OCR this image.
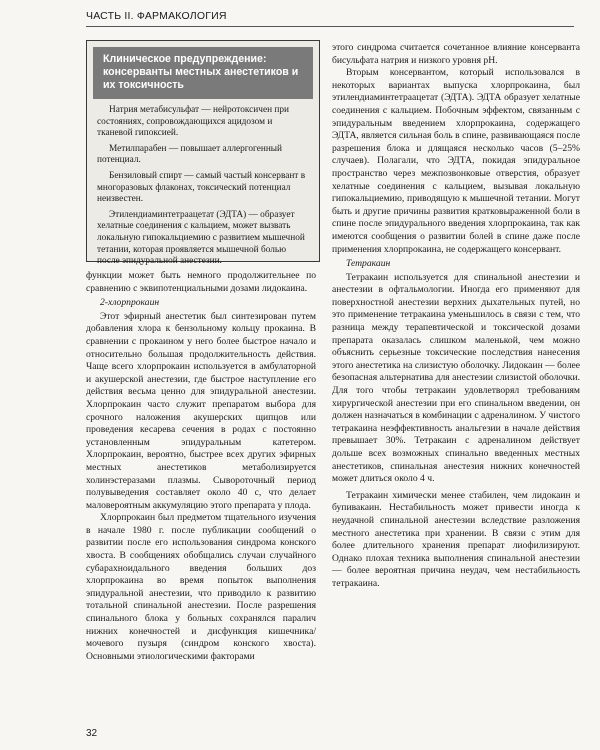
ЧАСТЬ II. ФАРМАКОЛОГИЯ
Клиническое предупреждение: консерванты местных анестетиков и их токсичность

Натрия метабисульфат — нейротоксичен при состояниях, сопровождающихся ацидозом и тканевой гипоксией.

Метилпарабен — повышает аллергогенный потенциал.

Бензиловый спирт — самый частый консервант в многоразовых флаконах, токсический потенциал неизвестен.

Этилендиаминтетраацетат (ЭДТА) — образует хелатные соединения с кальцием, может вызвать локальную гипокальциемию с развитием мышечной тетании, которая проявляется мышечной болью после эпидуральной анестезии.

функции может быть немного продолжительнее по сравнению с эквипотенциальными дозами лидокаина.

2-хлорпрокаин

Этот эфирный анестетик был синтезирован путем добавления хлора к бензольному кольцу прокаина. В сравнении с прокаином у него более быстрое начало и относительно большая продолжительность действия. Чаще всего хлорпрокаин используется в амбулаторной и акушерской анестезии, где быстрое наступление его действия весьма ценно для эпидуральной анестезии. Хлорпрокаин часто служит препаратом выбора для срочного наложения акушерских щипцов или проведения кесарева сечения в родах с постоянно установленным эпидуральным катетером. Хлорпрокаин, вероятно, быстрее всех других эфирных местных анестетиков метаболизируется холинэстеразами плазмы. Сывороточный период полувыведения составляет около 40 с, что делает маловероятным аккумуляцию этого препарата у плода.

Хлорпрокаин был предметом тщательного изучения в начале 1980 г. после публикации сообщений о развитии после его использования синдрома конского хвоста. В сообщениях обобщались случаи случайного субарахноидального введения больших доз хлорпрокаина во время попыток выполнения эпидуральной анестезии, что приводило к развитию тотальной спинальной анестезии. После разрешения спинального блока у больных сохранялся паралич нижних конечностей и дисфункция кишечника/мочевого пузыря (синдром конского хвоста). Основными этиологическими факторами

этого синдрома считается сочетанное влияние консерванта бисульфата натрия и низкого уровня pH.

Вторым консервантом, который использовался в некоторых вариантах выпуска хлорпрокаина, был этилендиаминтетраацетат (ЭДТА). ЭДТА образует хелатные соединения с кальцием. Побочным эффектом, связанным с эпидуральным введением хлорпрокаина, содержащего ЭДТА, является сильная боль в спине, развивающаяся после разрешения блока и длящаяся несколько часов (5–25% случаев). Полагали, что ЭДТА, покидая эпидуральное пространство через межпозвонковые отверстия, образует хелатные соединения с кальцием, вызывая локальную гипокальциемию, приводящую к мышечной тетании. Могут быть и другие причины развития кратковыраженной боли в спине после эпидурального введения хлорпрокаина, так как имеются сообщения о развитии болей в спине даже после применения хлорпрокаина, не содержащего консервант.

Тетракаин

Тетракаин используется для спинальной анестезии и анестезии в офтальмологии. Иногда его применяют для поверхностной анестезии верхних дыхательных путей, но это применение тетракаина уменьшилось в связи с тем, что разница между терапевтической и токсической дозами препарата оказалась слишком маленькой, чем можно объяснить серьезные токсические последствия нанесения этого анестетика на слизистую оболочку. Лидокаин — более безопасная альтернатива для анестезии слизистой оболочки. Для того чтобы тетракаин удовлетворял требованиям хирургической анестезии при его спинальном введении, он должен назначаться в комбинации с адреналином. У чистого тетракаина неэффективность анальгезии в начале действия превышает 30%. Тетракаин с адреналином действует дольше всех возможных спинально введенных местных анестетиков, спинальная анестезия нижних конечностей может длиться около 4 ч.

Тетракаин химически менее стабилен, чем лидокаин и бупивакаин. Нестабильность может привести иногда к неудачной спинальной анестезии вследствие разложения местного анестетика при хранении. В связи с этим для более длительного хранения препарат лиофилизируют. Однако плохая техника выполнения спинальной анестезии — более вероятная причина неудач, чем нестабильность тетракаина.

32
